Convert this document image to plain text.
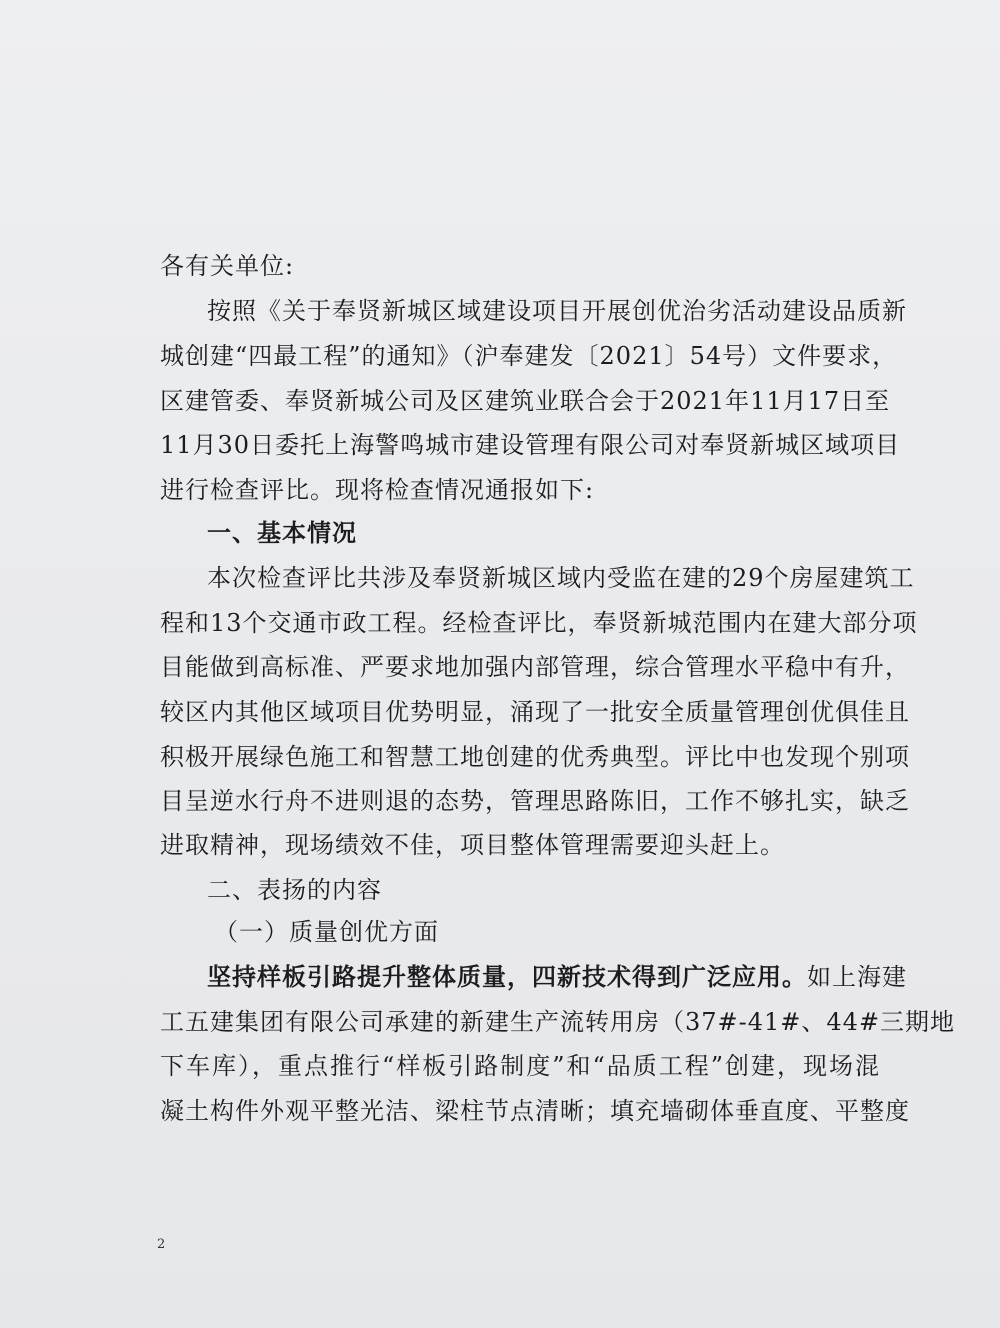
各有关单位:
按照《关于奉贤新城区域建设项目开展创优治劣活动建设品质新
城创建“四最工程”的通知》（沪奉建发〔2021〕54号）文件要求，
区建管委、奉贤新城公司及区建筑业联合会于2021年11月17日至
11月30日委托上海警鸣城市建设管理有限公司对奉贤新城区域项目
进行检查评比。现将检查情况通报如下:
一、基本情况
本次检查评比共涉及奉贤新城区域内受监在建的29个房屋建筑工
程和13个交通市政工程。经检查评比，奉贤新城范围内在建大部分项
目能做到高标准、严要求地加强内部管理，综合管理水平稳中有升，
较区内其他区域项目优势明显，涌现了一批安全质量管理创优俱佳且
积极开展绿色施工和智慧工地创建的优秀典型。评比中也发现个别项
目呈逆水行舟不进则退的态势，管理思路陈旧，工作不够扎实，缺乏
进取精神，现场绩效不佳，项目整体管理需要迎头赶上。
二、表扬的内容
（一）质量创优方面
坚持样板引路提升整体质量，四新技术得到广泛应用。如上海建
工五建集团有限公司承建的新建生产流转用房（37#-41#、44#三期地
下车库），重点推行“样板引路制度”和“品质工程”创建，现场混
凝土构件外观平整光洁、梁柱节点清晰；填充墙砌体垂直度、平整度
2
